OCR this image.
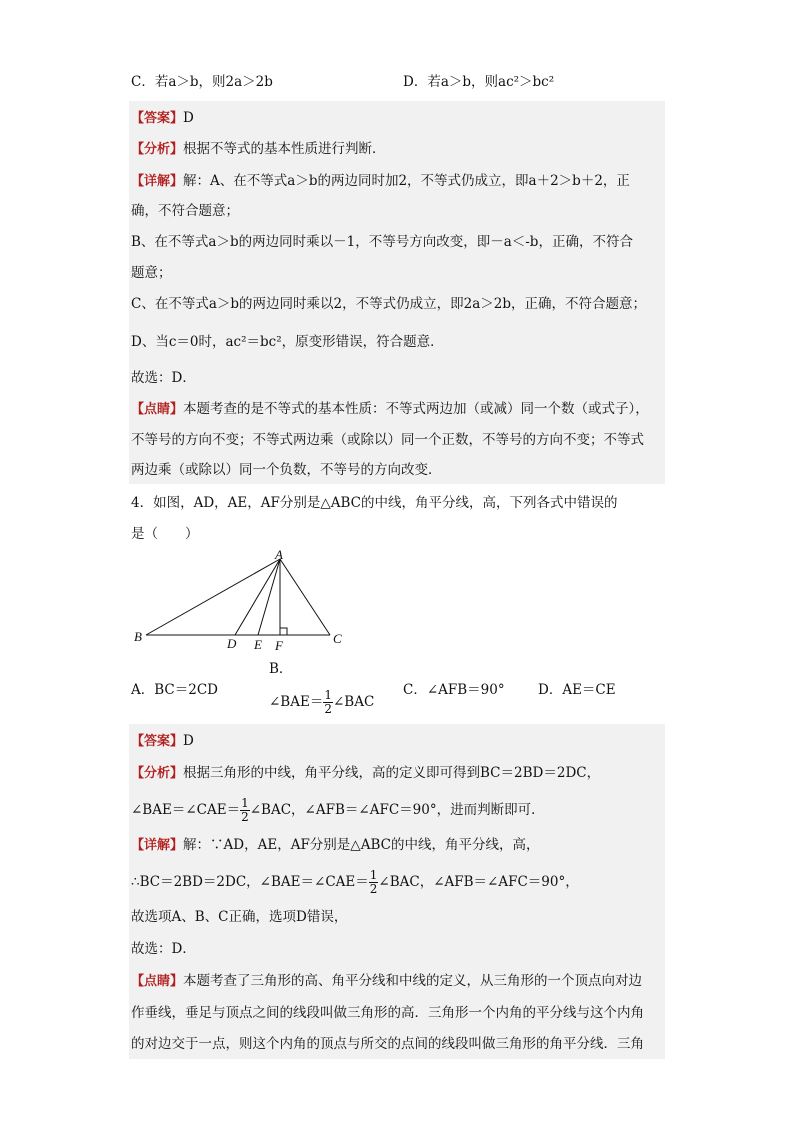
C．若a＞b，则2a＞2b	D．若a＞b，则ac²＞bc²
【答案】D
【分析】根据不等式的基本性质进行判断．
【详解】解：A、在不等式a＞b的两边同时加2，不等式仍成立，即a＋2＞b＋2，正
确，不符合题意；
B、在不等式a＞b的两边同时乘以－1，不等号方向改变，即－a＜-b，正确，不符合
题意；
C、在不等式a＞b的两边同时乘以2，不等式仍成立，即2a＞2b，正确，不符合题意；
D、当c＝0时，ac²＝bc²，原变形错误，符合题意．
故选：D．
【点睛】本题考查的是不等式的基本性质：不等式两边加（或减）同一个数（或式子），
不等号的方向不变；不等式两边乘（或除以）同一个正数，不等号的方向不变；不等式
两边乘（或除以）同一个负数，不等号的方向改变．
4．如图，AD，AE，AF分别是△ABC的中线，角平分线，高，下列各式中错误的
是（　　）
A
B	C
D E F
B．
A．BC＝2CD
∠BAE＝ $\frac{1}{2}$ ∠BAC
C．∠AFB＝90° D．AE＝CE
【答案】D
【分析】根据三角形的中线，角平分线，高的定义即可得到BC＝2BD＝2DC，
∠BAE＝∠CAE＝ $\frac{1}{2}$ ∠BAC，∠AFB＝∠AFC＝90°，进而判断即可．
【详解】解：∵AD，AE，AF分别是△ABC的中线，角平分线，高，
∴BC＝2BD＝2DC，∠BAE＝∠CAE＝ $\frac{1}{2}$ ∠BAC，∠AFB＝∠AFC＝90°，
故选项A、B、C正确，选项D错误，
故选：D．
【点睛】本题考查了三角形的高、角平分线和中线的定义，从三角形的一个顶点向对边
作垂线，垂足与顶点之间的线段叫做三角形的高．三角形一个内角的平分线与这个内角
的对边交于一点，则这个内角的顶点与所交的点间的线段叫做三角形的角平分线．三角
